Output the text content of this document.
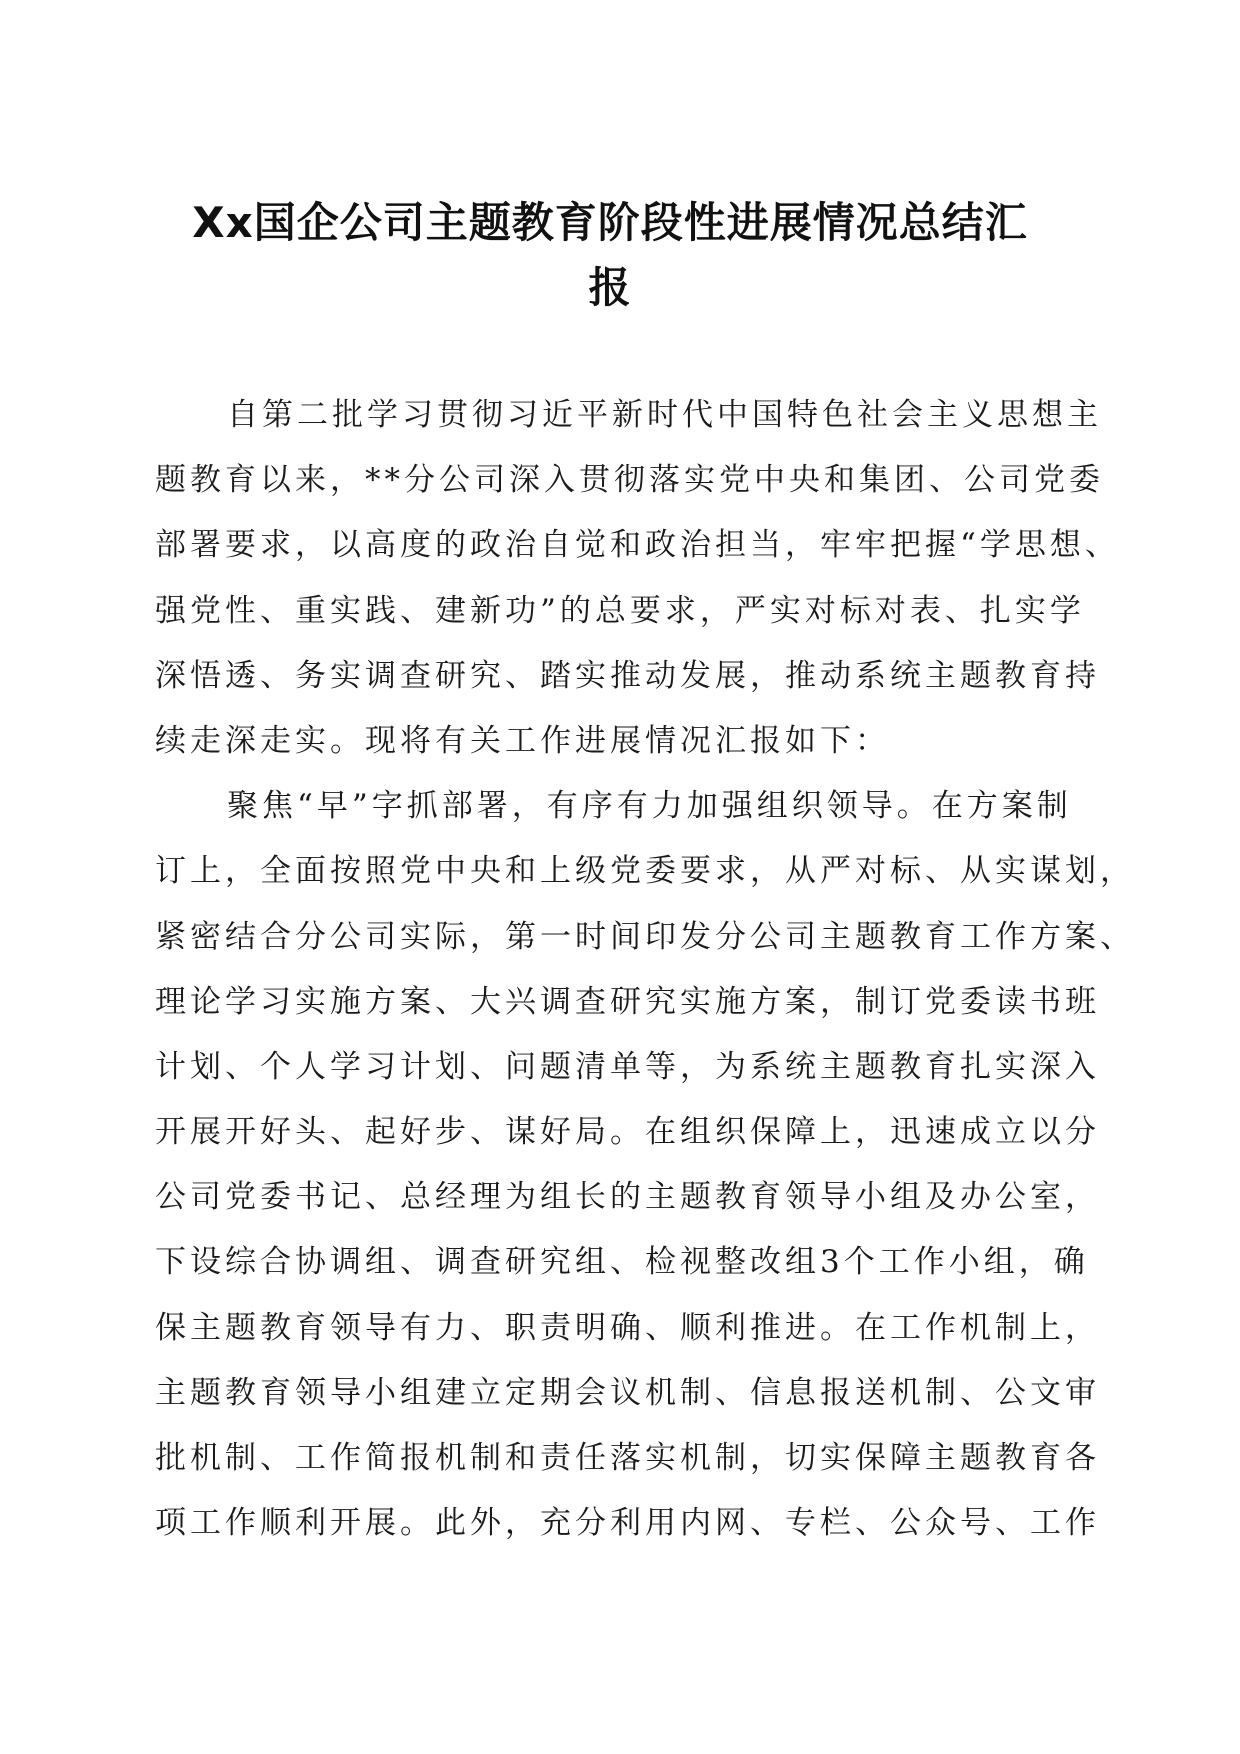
Xx国企公司主题教育阶段性进展情况总结汇
报
自第二批学习贯彻习近平新时代中国特色社会主义思想主
题教育以来，**分公司深入贯彻落实党中央和集团、公司党委
部署要求，以高度的政治自觉和政治担当，牢牢把握“学思想、
强党性、重实践、建新功”的总要求，严实对标对表、扎实学
深悟透、务实调查研究、踏实推动发展，推动系统主题教育持
续走深走实。现将有关工作进展情况汇报如下：
聚焦“早”字抓部署，有序有力加强组织领导。在方案制
订上，全面按照党中央和上级党委要求，从严对标、从实谋划，
紧密结合分公司实际，第一时间印发分公司主题教育工作方案、
理论学习实施方案、大兴调查研究实施方案，制订党委读书班
计划、个人学习计划、问题清单等，为系统主题教育扎实深入
开展开好头、起好步、谋好局。在组织保障上，迅速成立以分
公司党委书记、总经理为组长的主题教育领导小组及办公室，
下设综合协调组、调查研究组、检视整改组3个工作小组，确
保主题教育领导有力、职责明确、顺利推进。在工作机制上，
主题教育领导小组建立定期会议机制、信息报送机制、公文审
批机制、工作简报机制和责任落实机制，切实保障主题教育各
项工作顺利开展。此外，充分利用内网、专栏、公众号、工作
